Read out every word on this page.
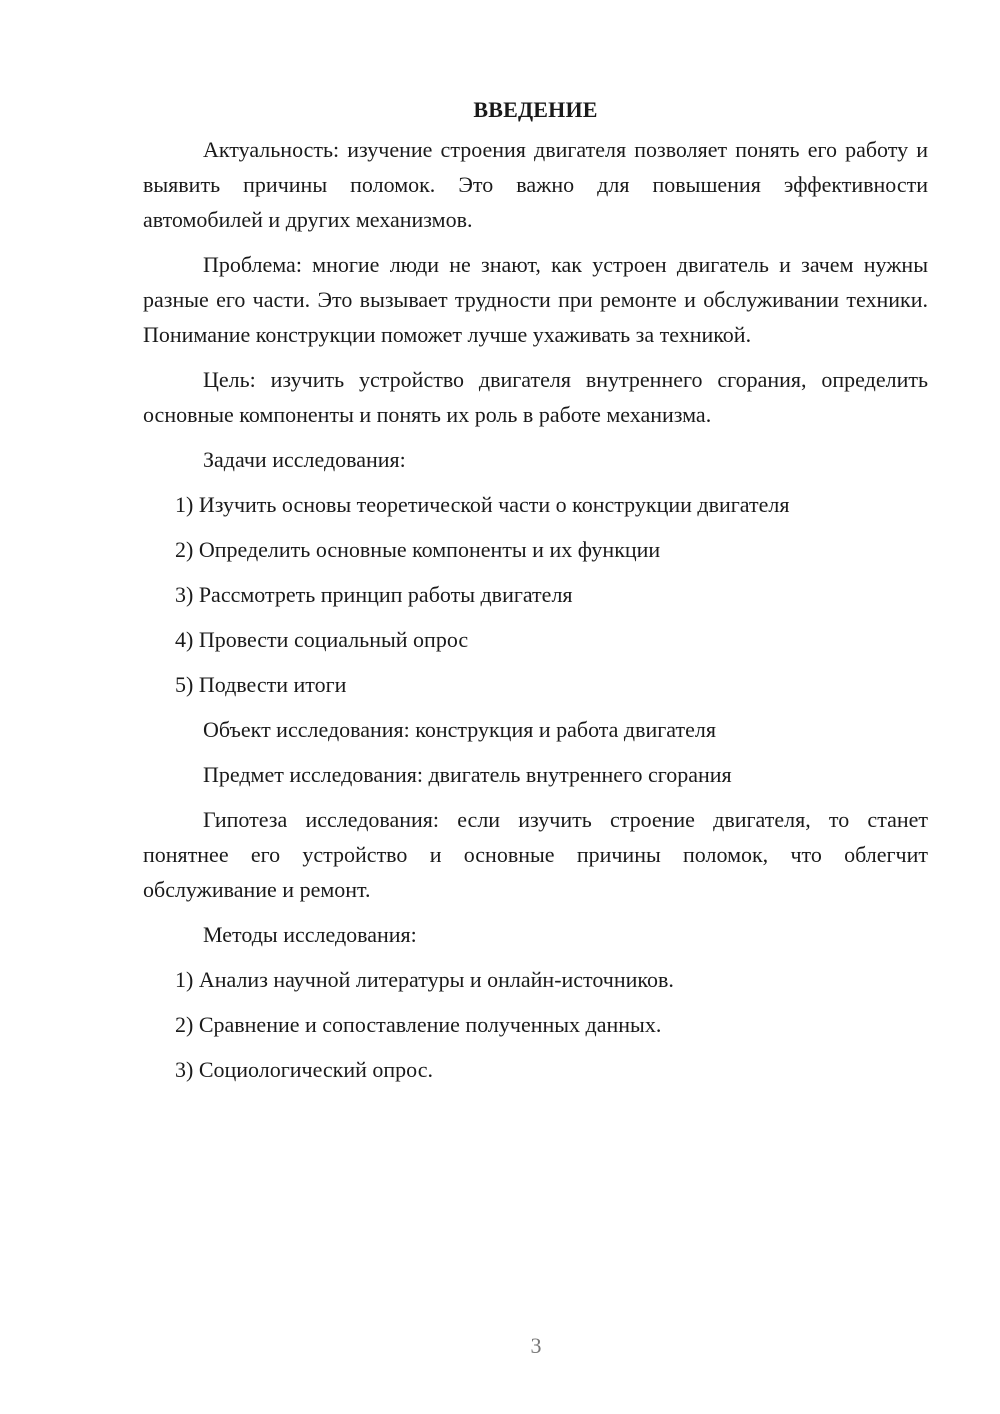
ВВЕДЕНИЕ

Актуальность: изучение строения двигателя позволяет понять его работу и выявить причины поломок. Это важно для повышения эффективности автомобилей и других механизмов.

Проблема: многие люди не знают, как устроен двигатель и зачем нужны разные его части. Это вызывает трудности при ремонте и обслуживании техники. Понимание конструкции поможет лучше ухаживать за техникой.

Цель: изучить устройство двигателя внутреннего сгорания, определить основные компоненты и понять их роль в работе механизма.

Задачи исследования:

1) Изучить основы теоретической части о конструкции двигателя
2) Определить основные компоненты и их функции
3) Рассмотреть принцип работы двигателя
4) Провести социальный опрос
5) Подвести итоги

Объект исследования: конструкция и работа двигателя

Предмет исследования: двигатель внутреннего сгорания

Гипотеза исследования: если изучить строение двигателя, то станет понятнее его устройство и основные причины поломок, что облегчит обслуживание и ремонт.

Методы исследования:

1) Анализ научной литературы и онлайн-источников.
2) Сравнение и сопоставление полученных данных.
3) Социологический опрос.
3
